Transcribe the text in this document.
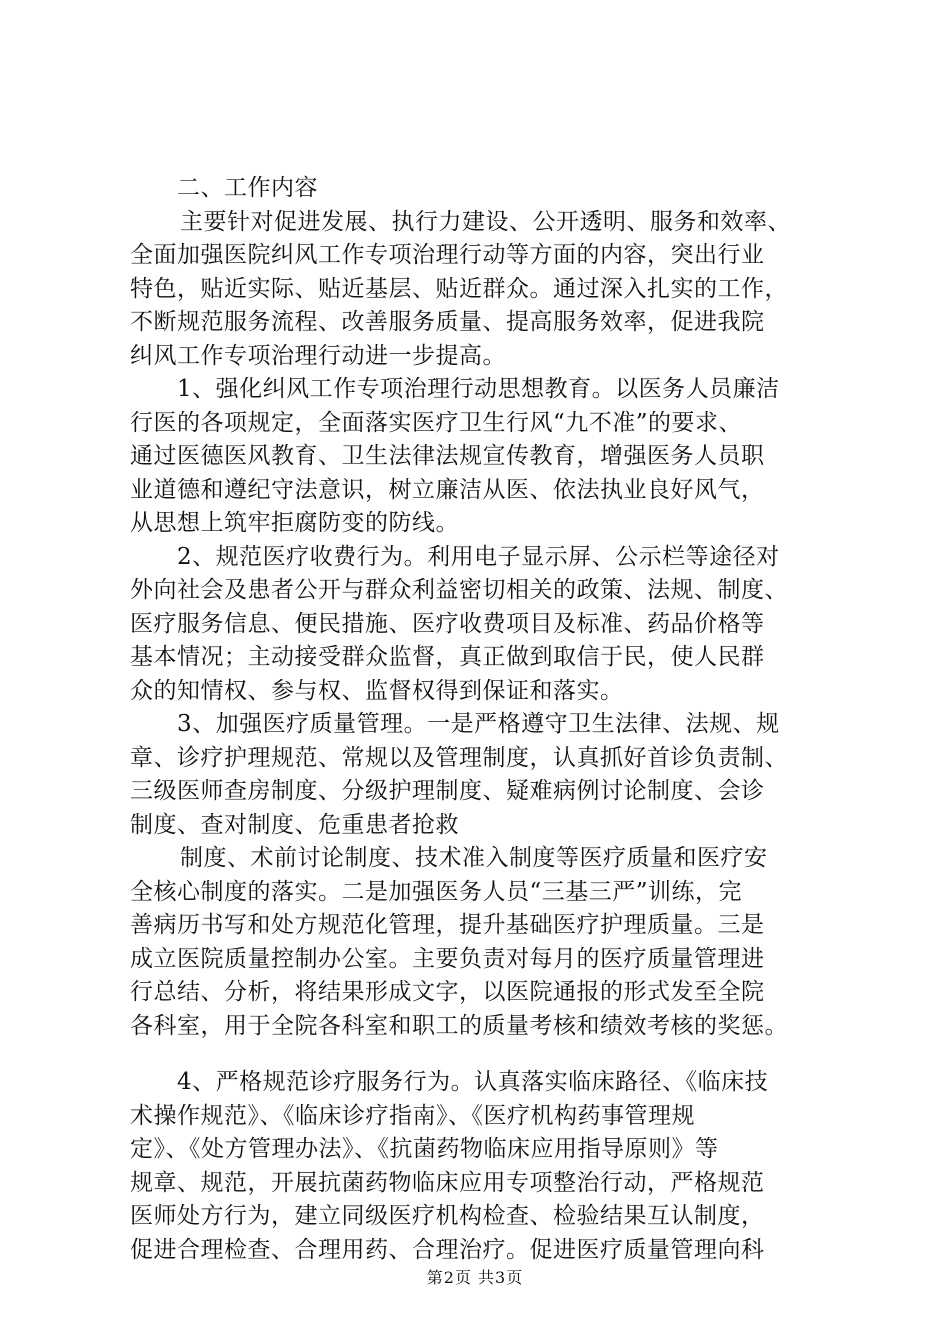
二、工作内容
主要针对促进发展、执行力建设、公开透明、服务和效率、
全面加强医院纠风工作专项治理行动等方面的内容，突出行业
特色，贴近实际、贴近基层、贴近群众。通过深入扎实的工作，
不断规范服务流程、改善服务质量、提高服务效率，促进我院
纠风工作专项治理行动进一步提高。
1、强化纠风工作专项治理行动思想教育。以医务人员廉洁
行医的各项规定，全面落实医疗卫生行风“九不准”的要求、
通过医德医风教育、卫生法律法规宣传教育，增强医务人员职
业道德和遵纪守法意识，树立廉洁从医、依法执业良好风气，
从思想上筑牢拒腐防变的防线。
2、规范医疗收费行为。利用电子显示屏、公示栏等途径对
外向社会及患者公开与群众利益密切相关的政策、法规、制度、
医疗服务信息、便民措施、医疗收费项目及标准、药品价格等
基本情况；主动接受群众监督，真正做到取信于民，使人民群
众的知情权、参与权、监督权得到保证和落实。
3、加强医疗质量管理。一是严格遵守卫生法律、法规、规
章、诊疗护理规范、常规以及管理制度，认真抓好首诊负责制、
三级医师查房制度、分级护理制度、疑难病例讨论制度、会诊
制度、查对制度、危重患者抢救
制度、术前讨论制度、技术准入制度等医疗质量和医疗安
全核心制度的落实。二是加强医务人员“三基三严”训练，完
善病历书写和处方规范化管理，提升基础医疗护理质量。三是
成立医院质量控制办公室。主要负责对每月的医疗质量管理进
行总结、分析，将结果形成文字，以医院通报的形式发至全院
各科室，用于全院各科室和职工的质量考核和绩效考核的奖惩。
4、严格规范诊疗服务行为。认真落实临床路径、《临床技
术操作规范》、《临床诊疗指南》、《医疗机构药事管理规
定》、《处方管理办法》、《抗菌药物临床应用指导原则》等
规章、规范，开展抗菌药物临床应用专项整治行动，严格规范
医师处方行为，建立同级医疗机构检查、检验结果互认制度，
促进合理检查、合理用药、合理治疗。促进医疗质量管理向科
第2页 共3页
